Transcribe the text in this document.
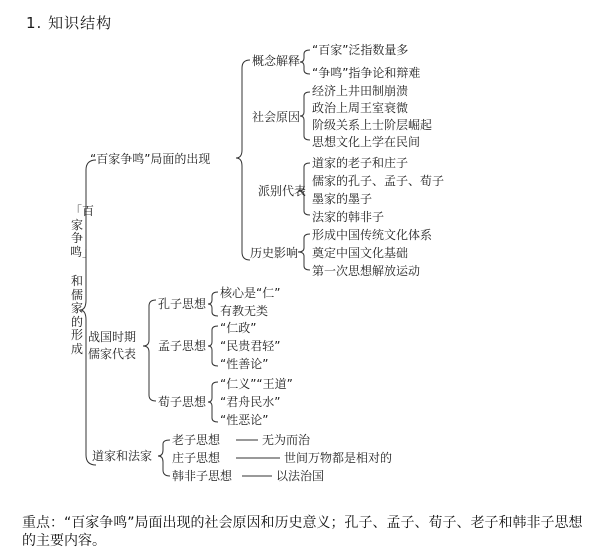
1. 知识结构
「百家争鸣」
和儒家的形成
“百家争鸣”局面的出现
概念解释
“百家”泛指数量多
“争鸣”指争论和辩难
社会原因
经济上井田制崩溃
政治上周王室衰微
阶级关系上士阶层崛起
思想文化上学在民间
派别代表
道家的老子和庄子
儒家的孔子、孟子、荀子
墨家的墨子
法家的韩非子
历史影响
形成中国传统文化体系
奠定中国文化基础
第一次思想解放运动
战国时期
儒家代表
孔子思想
核心是“仁”
有教无类
孟子思想
“仁政”
“民贵君轻”
“性善论”
荀子思想
“仁义”“王道”
“君舟民水”
“性恶论”
道家和法家
老子思想	无为而治
庄子思想	世间万物都是相对的
韩非子思想	以法治国
重点：“百家争鸣”局面出现的社会原因和历史意义；孔子、孟子、荀子、老子和韩非子思想的主要内容。
